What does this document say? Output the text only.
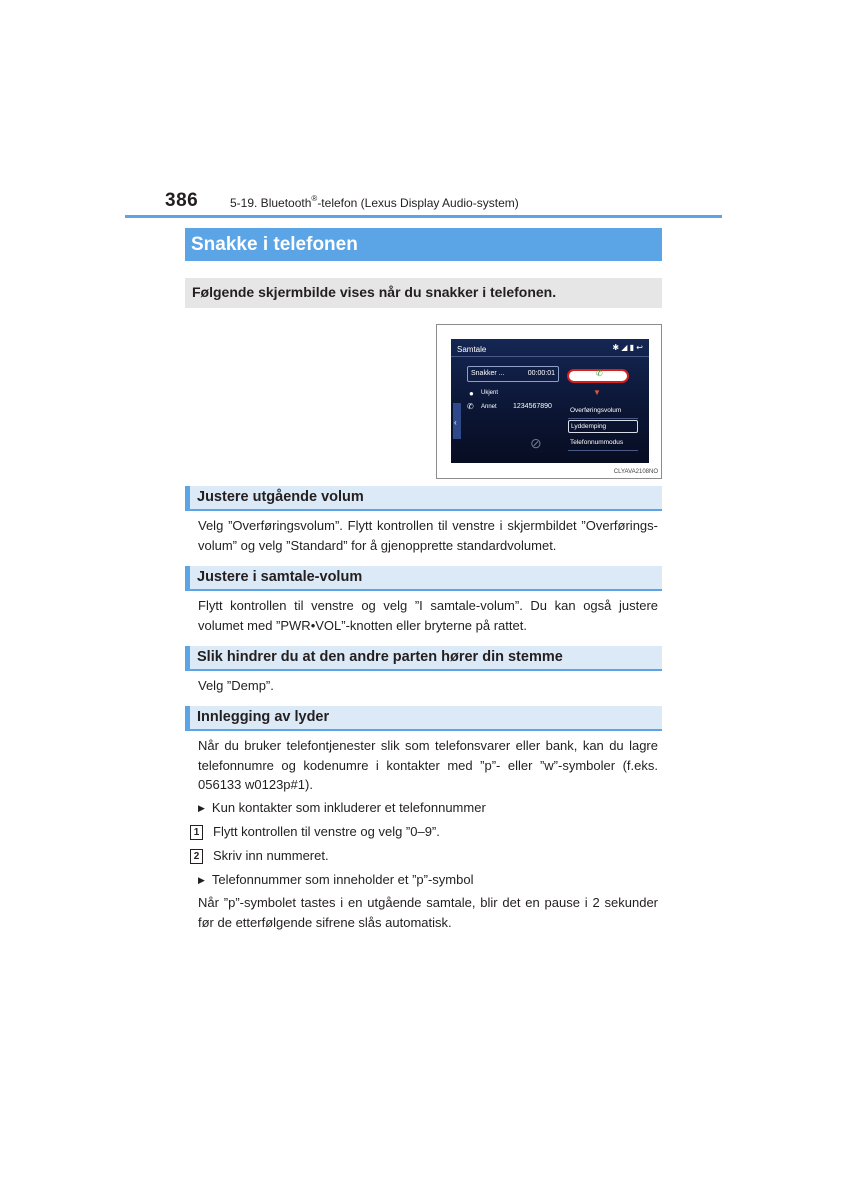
386	5-19. Bluetooth®-telefon (Lexus Display Audio-system)
Snakke i telefonen
Følgende skjermbilde vises når du snakker i telefonen.
Samtale	✱ ◢ ▮ ↩
Snakker ...	00:00:01	✆
▼
● Ukjent
✆ Annet 1234567890
‹
⊘
Overføringsvolum
Lyddemping
Telefonnummodus
CLYAVA2108NO
Justere utgående volum
Velg ”Overføringsvolum”. Flytt kontrollen til venstre i skjermbildet ”Overførings-volum” og velg ”Standard” for å gjenopprette standardvolumet.
Justere i samtale-volum
Flytt kontrollen til venstre og velg ”I samtale-volum”. Du kan også justere volumet med ”PWR•VOL”-knotten eller bryterne på rattet.
Slik hindrer du at den andre parten hører din stemme
Velg ”Demp”.
Innlegging av lyder
Når du bruker telefontjenester slik som telefonsvarer eller bank, kan du lagre telefonnumre og kodenumre i kontakter med ”p”- eller ”w”-symboler (f.eks. 056133 w0123p#1).
▶ Kun kontakter som inkluderer et telefonnummer
1 Flytt kontrollen til venstre og velg ”0–9”.
2 Skriv inn nummeret.
▶ Telefonnummer som inneholder et ”p”-symbol
Når ”p”-symbolet tastes i en utgående samtale, blir det en pause i 2 sekunder før de etterfølgende sifrene slås automatisk.
